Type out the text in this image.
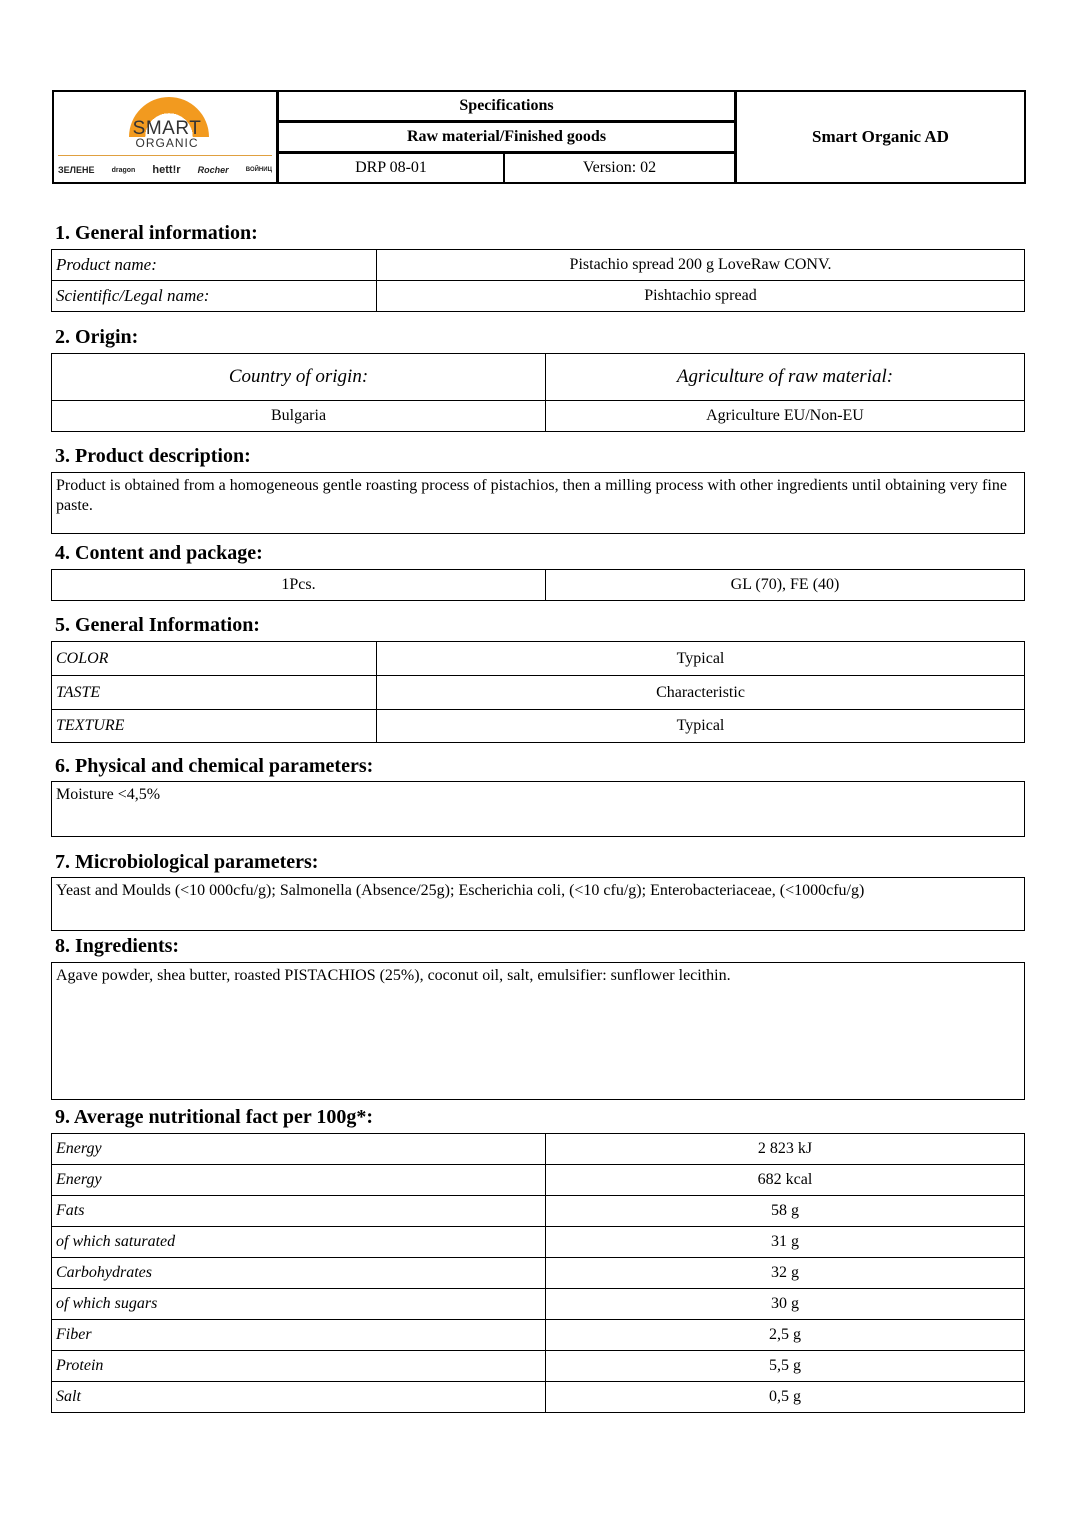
SMART
ORGANIC
ЗЕЛЕНЕ dragon hett!r Rocher	ВОЙНИЦ
Specifications
Raw material/Finished goods
DRP 08-01	Version: 02
Smart Organic AD
1. General information:
Product name:	Pistachio spread 200 g LoveRaw CONV.
Scientific/Legal name:	Pishtachio spread
2. Origin:
Country of origin:	Agriculture of raw material:
Bulgaria	Agriculture EU/Non-EU
3. Product description:
Product is obtained from a homogeneous gentle roasting process of pistachios, then a milling process with other ingredients until obtaining very fine paste.
4. Content and package:
1Pcs.	GL (70), FE (40)
5. General Information:
COLOR	Typical
TASTE	Characteristic
TEXTURE	Typical
6. Physical and chemical parameters:
Moisture <4,5%
7. Microbiological parameters:
Yeast and Moulds (<10 000cfu/g); Salmonella (Absence/25g); Escherichia coli, (<10 cfu/g); Enterobacteriaceae, (<1000cfu/g)
8. Ingredients:
Agave powder, shea butter, roasted PISTACHIOS (25%), coconut oil, salt, emulsifier: sunflower lecithin.
9. Average nutritional fact per 100g*:
Energy	2 823 kJ
Energy	682 kcal
Fats	58 g
of which saturated	31 g
Carbohydrates	32 g
of which sugars	30 g
Fiber	2,5 g
Protein	5,5 g
Salt	0,5 g
